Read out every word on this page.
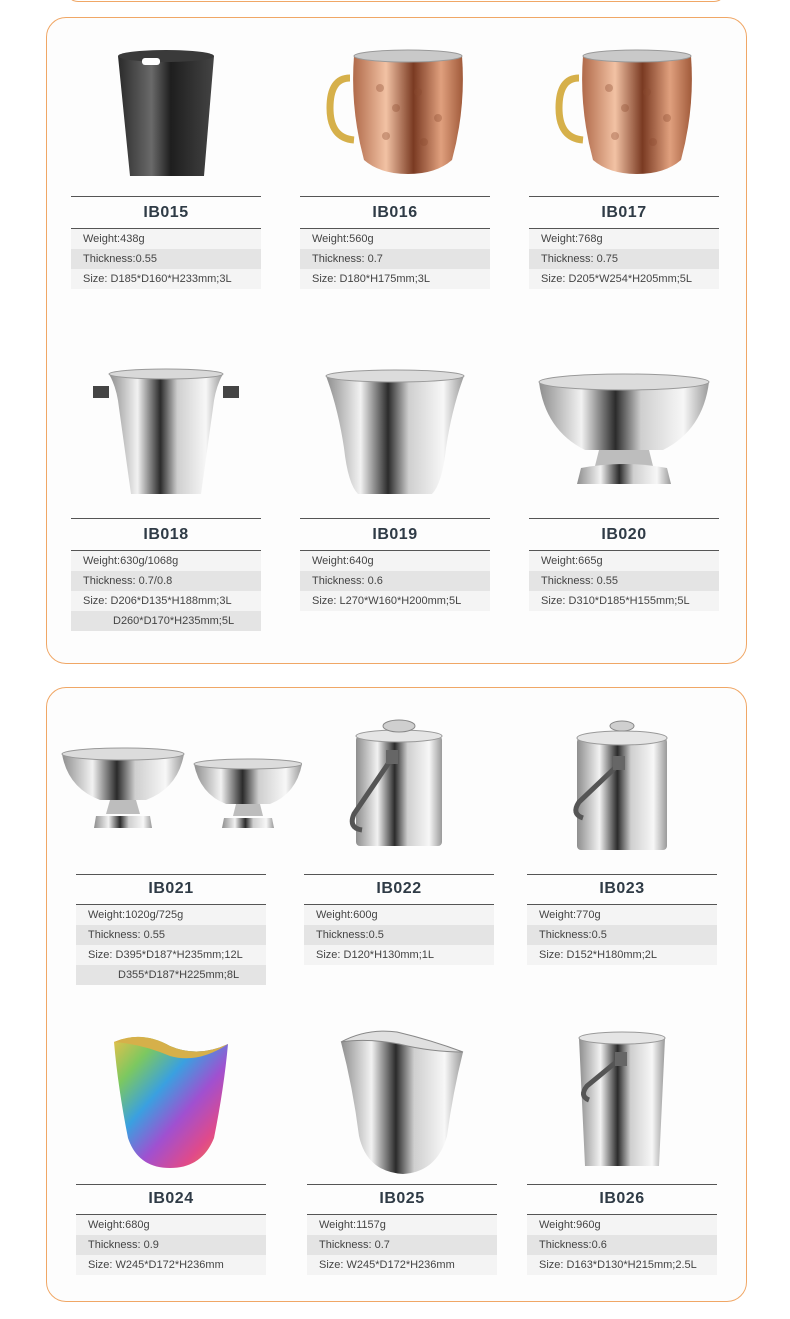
IB015
Weight:438g
Thickness:0.55
Size: D185*D160*H233mm;3L
IB016
Weight:560g
Thickness: 0.7
Size: D180*H175mm;3L
IB017
Weight:768g
Thickness: 0.75
Size: D205*W254*H205mm;5L
IB018
Weight:630g/1068g
Thickness: 0.7/0.8
Size: D206*D135*H188mm;3L
D260*D170*H235mm;5L
IB019
Weight:640g
Thickness: 0.6
Size: L270*W160*H200mm;5L
IB020
Weight:665g
Thickness: 0.55
Size: D310*D185*H155mm;5L
IB021
Weight:1020g/725g
Thickness: 0.55
Size: D395*D187*H235mm;12L
D355*D187*H225mm;8L
IB022
Weight:600g
Thickness:0.5
Size: D120*H130mm;1L
IB023
Weight:770g
Thickness:0.5
Size: D152*H180mm;2L
IB024
Weight:680g
Thickness: 0.9
Size: W245*D172*H236mm
IB025
Weight:1157g
Thickness: 0.7
Size: W245*D172*H236mm
IB026
Weight:960g
Thickness:0.6
Size: D163*D130*H215mm;2.5L
